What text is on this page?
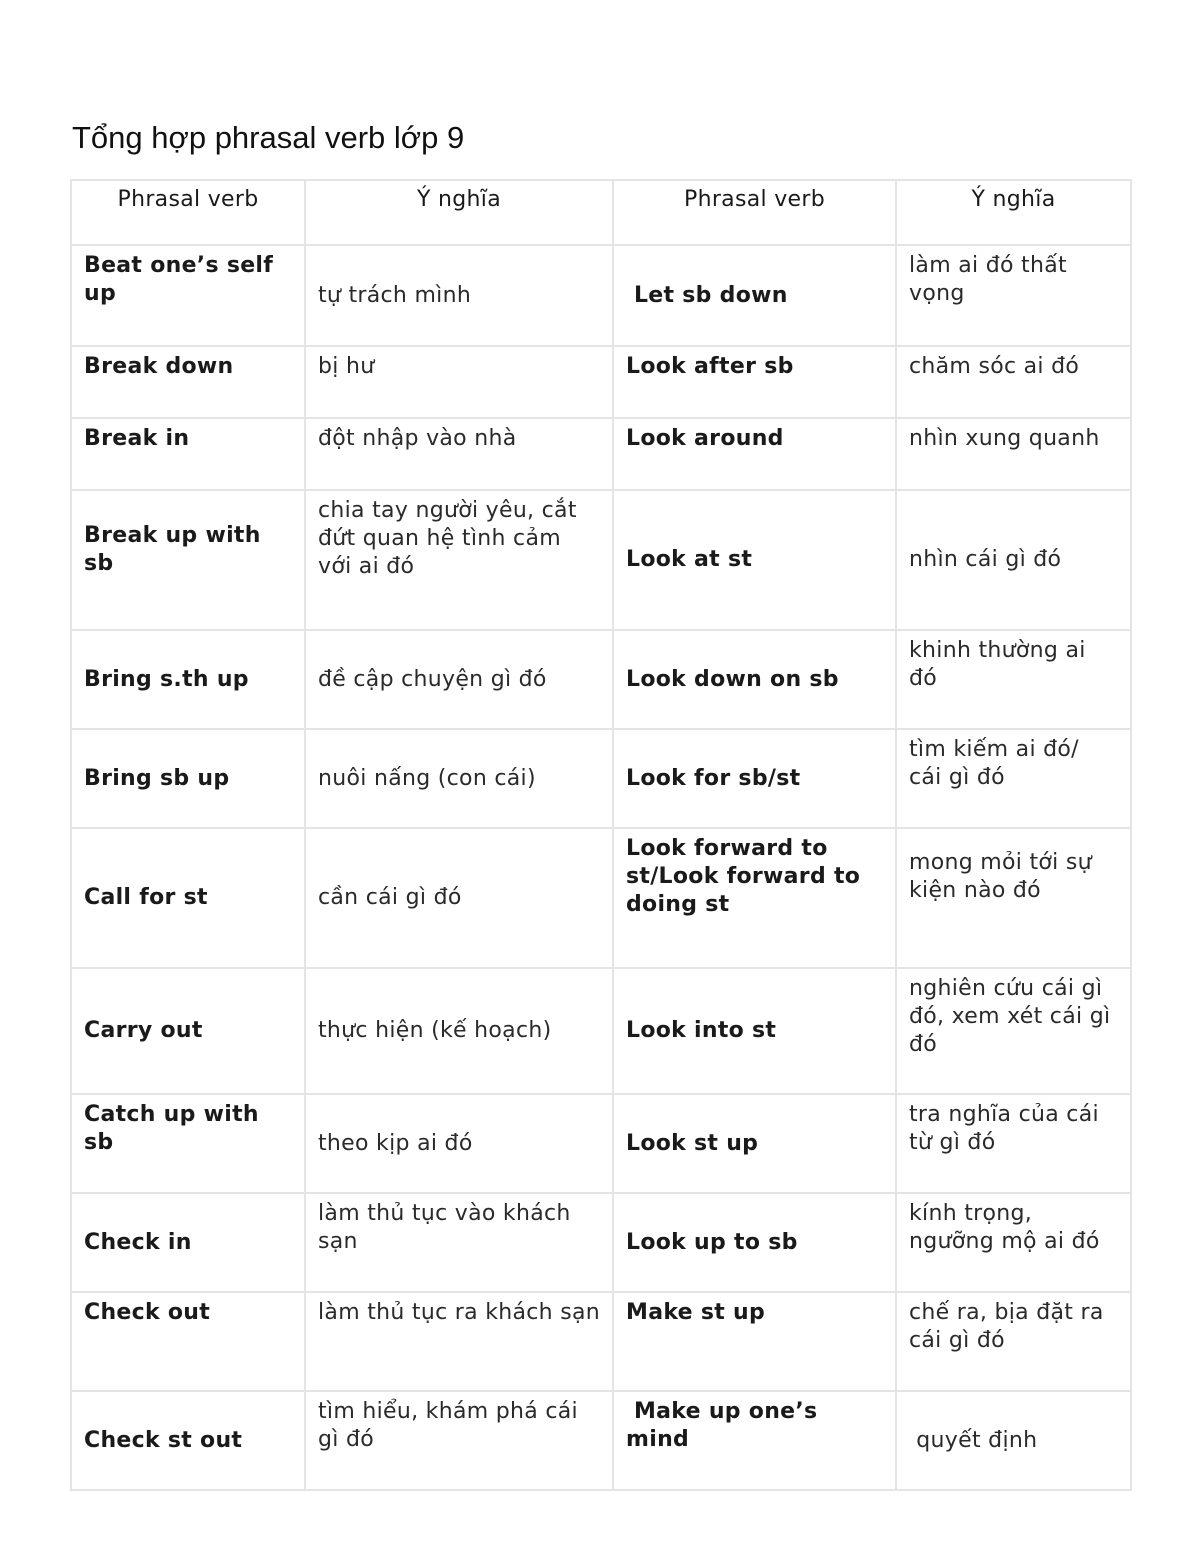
Tổng hợp phrasal verb lớp 9
Phrasal verb	Ý nghĩa	Phrasal verb	Ý nghĩa
Beat one’s self up	tự trách mình	Let sb down	làm ai đó thất vọng
Break down	bị hư	Look after sb	chăm sóc ai đó
Break in	đột nhập vào nhà	Look around	nhìn xung quanh
Break up with sb	chia tay người yêu, cắt đứt quan hệ tình cảm với ai đó	Look at st	nhìn cái gì đó
Bring s.th up	đề cập chuyện gì đó	Look down on sb	khinh thường ai đó
Bring sb up	nuôi nấng (con cái)	Look for sb/st	tìm kiếm ai đó/ cái gì đó
Call for st	cần cái gì đó	Look forward to st/Look forward to doing st	mong mỏi tới sự kiện nào đó
Carry out	thực hiện (kế hoạch)	Look into st	nghiên cứu cái gì đó, xem xét cái gì đó
Catch up with sb	theo kịp ai đó	Look st up	tra nghĩa của cái từ gì đó
Check in	làm thủ tục vào khách sạn	Look up to sb	kính trọng, ngưỡng mộ ai đó
Check out	làm thủ tục ra khách sạn	Make st up	chế ra, bịa đặt ra cái gì đó
Check st out	tìm hiểu, khám phá cái gì đó	Make up one’s mind	quyết định
